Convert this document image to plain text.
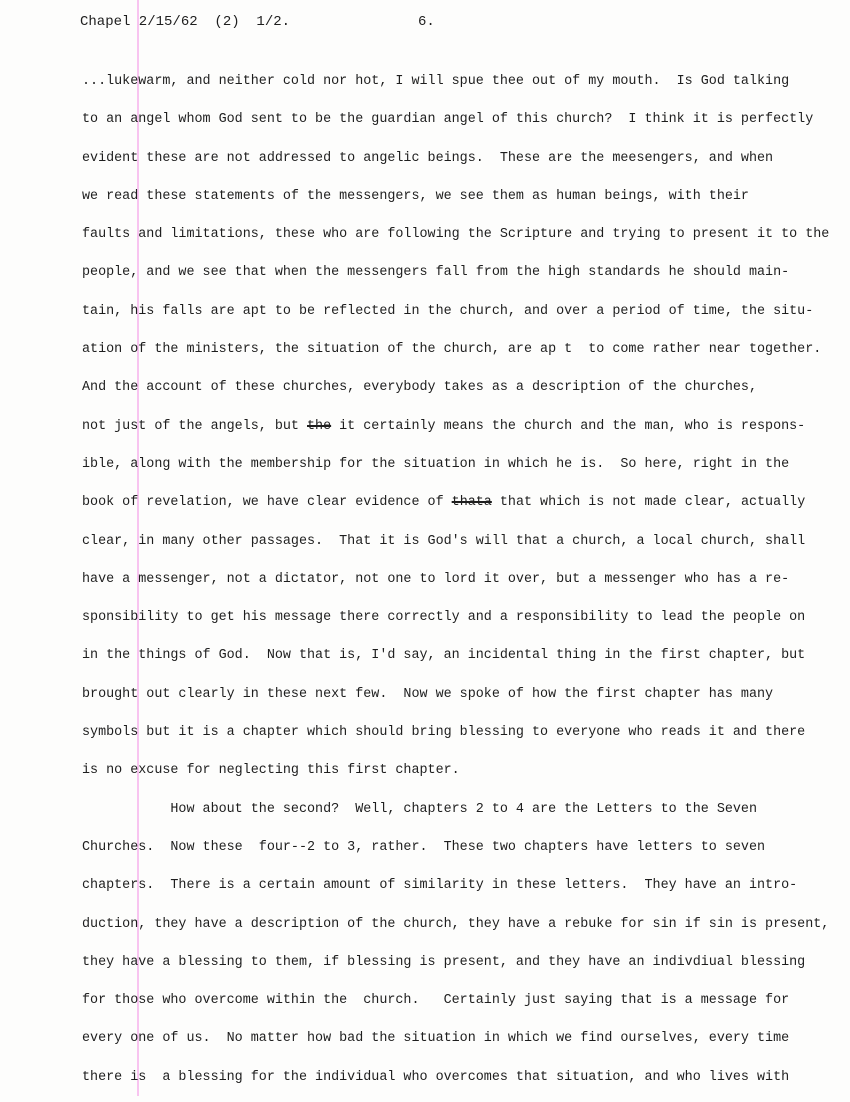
Chapel 2/15/62  (2)  1/2.

	6.

...lukewarm, and neither cold nor hot, I will spue thee out of my mouth.  Is God talking
to an angel whom God sent to be the guardian angel of this church?  I think it is perfectly
evident these are not addressed to angelic beings.  These are the meesengers, and when
we read these statements of the messengers, we see them as human beings, with their
faults and limitations, these who are following the Scripture and trying to present it to the
people, and we see that when the messengers fall from the high standards he should main-
tain, his falls are apt to be reflected in the church, and over a period of time, the situ-
ation of the ministers, the situation of the church, are ap t  to come rather near together.
And the account of these churches, everybody takes as a description of the churches,
not just of the angels, but the it certainly means the church and the man, who is respons-
ible, along with the membership for the situation in which he is.  So here, right in the
book of revelation, we have clear evidence of thata that which is not made clear, actually
clear, in many other passages.  That it is God's will that a church, a local church, shall
have a messenger, not a dictator, not one to lord it over, but a messenger who has a re-
sponsibility to get his message there correctly and a responsibility to lead the people on
in the things of God.  Now that is, I'd say, an incidental thing in the first chapter, but
brought out clearly in these next few.  Now we spoke of how the first chapter has many
symbols but it is a chapter which should bring blessing to everyone who reads it and there
is no excuse for neglecting this first chapter.
How about the second?  Well, chapters 2 to 4 are the Letters to the Seven
Churches.  Now these  four--2 to 3, rather.  These two chapters have letters to seven
chapters.  There is a certain amount of similarity in these letters.  They have an intro-
duction, they have a description of the church, they have a rebuke for sin if sin is present,
they have a blessing to them, if blessing is present, and they have an indivdiual blessing
for those who overcome within the  church.   Certainly just saying that is a message for
every one of us.  No matter how bad the situation in which we find ourselves, every time
there is  a blessing for the individual who overcomes that situation, and who lives with
